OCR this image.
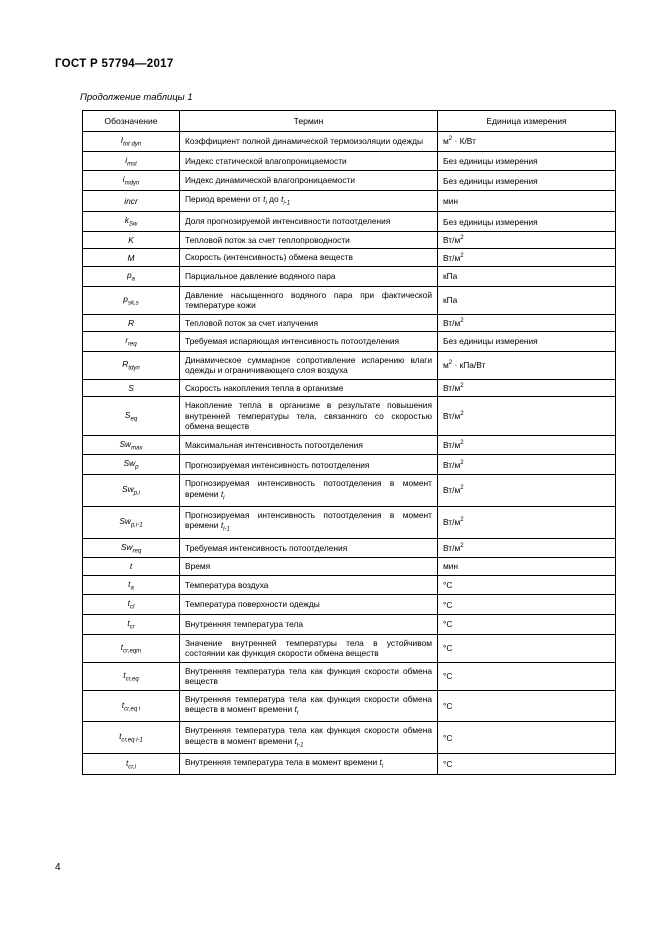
ГОСТ Р 57794—2017
Продолжение таблицы 1
Обозначение	Термин	Единица измерения
$I_{tot dyn}$	Коэффициент полной динамической термоизоляции одежды	$м^2 \cdot К/Вт$
$i_{mst}$	Индекс статической влагопроницаемости	Без единицы измерения
$i_{mdyn}$	Индекс динамической влагопроницаемости	Без единицы измерения
incr	Период времени от $t_i$ до $t_{i-1}$	мин
$k_{Sw}$	Доля прогнозируемой интенсивности потоотделения	Без единицы измерения
K	Тепловой поток за счет теплопроводности	$Вт/м^2$
M	Скорость (интенсивность) обмена веществ	$Вт/м^2$
$p_a$	Парциальное давление водяного пара	кПа
$p_{sk,s}$	Давление насыщенного водяного пара при фактической температуре кожи	кПа
R	Тепловой поток за счет излучения	$Вт/м^2$
$r_{req}$	Требуемая испаряющая интенсивность потоотделения	Без единицы измерения
$R_{tdyn}$	Динамическое суммарное сопротивление испарению влаги одежды и ограничивающего слоя воздуха	$м^2 \cdot кПа/Вт$
S	Скорость накопления тепла в организме	$Вт/м^2$
$S_{eq}$	Накопление тепла в организме в результате повышения внутренней температуры тела, связанного со скоростью обмена веществ	$Вт/м^2$
$Sw_{max}$	Максимальная интенсивность потоотделения	$Вт/м^2$
$Sw_p$	Прогнозируемая интенсивность потоотделения	$Вт/м^2$
$Sw_{p,i}$	Прогнозируемая интенсивность потоотделения в момент времени $t_i$	$Вт/м^2$
$Sw_{p,i-1}$	Прогнозируемая интенсивность потоотделения в момент времени $t_{i-1}$	$Вт/м^2$
$Sw_{req}$	Требуемая интенсивность потоотделения	$Вт/м^2$
t	Время	мин
$t_a$	Температура воздуха	°С
$t_{cl}$	Температура поверхности одежды	°С
$t_{cr}$	Внутренняя температура тела	°С
$t_{cr,eqm}$	Значение внутренней температуры тела в устойчивом состоянии как функция скорости обмена веществ	°С
$t_{cr,eq}$	Внутренняя температура тела как функция скорости обмена веществ	°С
$t_{cr,eq i}$	Внутренняя температура тела как функция скорости обмена веществ в момент времени $t_i$	°С
$t_{cr,eq i-1}$	Внутренняя температура тела как функция скорости обмена веществ в момент времени $t_{i-1}$	°С
$t_{cr,i}$	Внутренняя температура тела в момент времени $t_i$	°С
4
